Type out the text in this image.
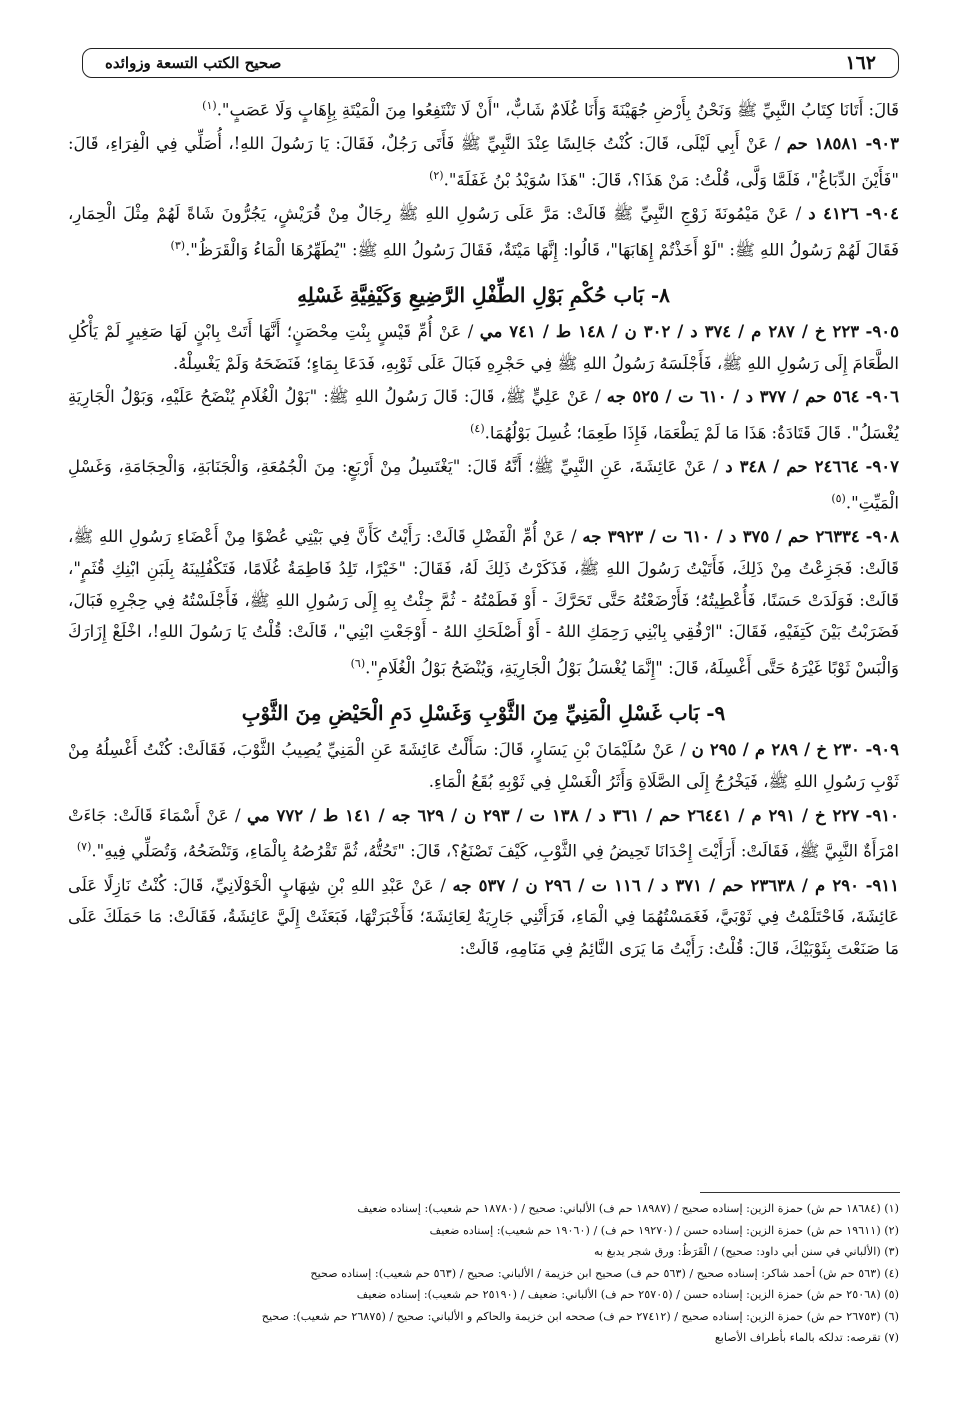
١٦٢
صحيح الكتب التسعة وزوائده

قَالَ: أَتَانَا كِتَابُ النَّبِيِّ ﷺ وَنَحْنُ بِأَرْضِ جُهَيْنَةَ وَأَنَا غُلَامٌ شَابٌّ، "أَنْ لَا تَنْتَفِعُوا مِنَ الْمَيْتَةِ بِإِهَابٍ وَلَا عَصَبٍ".$^{(١)}$

٩٠٣- ١٨٥٨١ حم / عَنْ أَبِي لَيْلَى، قَالَ: كُنْتُ جَالِسًا عِنْدَ النَّبِيِّ ﷺ فَأَتَى رَجُلٌ، فَقَالَ: يَا رَسُولَ اللهِ!، أُصَلِّي فِي الْفِرَاءِ، قَالَ: "فَأَيْنَ الدِّبَاغُ"، فَلَمَّا وَلَّى، قُلْتُ: مَنْ هَذَا؟، قَالَ: "هَذَا سُوَيْدُ بْنُ غَفَلَةَ".$^{(٢)}$

٩٠٤- ٤١٢٦ د / عَنْ مَيْمُونَةَ زَوْجِ النَّبِيِّ ﷺ قَالَتْ: مَرَّ عَلَى رَسُولِ اللهِ ﷺ رِجَالٌ مِنْ قُرَيْشٍ، يَجُرُّونَ شَاةً لَهُمْ مِثْلَ الْحِمَارِ، فَقَالَ لَهُمْ رَسُولُ اللهِ ﷺ: "لَوْ أَخَذْتُمْ إِهَابَهَا"، قَالُوا: إِنَّهَا مَيْتَةٌ، فَقَالَ رَسُولُ اللهِ ﷺ: "يُطَهِّرُهَا الْمَاءُ وَالْقَرَظُ".$^{(٣)}$

٨- بَاب حُكْمِ بَوْلِ الطِّفْلِ الرَّضِيعِ وَكَيْفِيَّةِ غَسْلِهِ

٩٠٥- ٢٢٣ خ / ٢٨٧ م / ٣٧٤ د / ٣٠٢ ن / ١٤٨ ط / ٧٤١ مي / عَنْ أُمِّ قَيْسٍ بِنْتِ مِحْصَنٍ؛ أَنَّهَا أَتَتْ بِابْنٍ لَهَا صَغِيرٍ لَمْ يَأْكُلِ الطَّعَامَ إِلَى رَسُولِ اللهِ ﷺ، فَأَجْلَسَهُ رَسُولُ اللهِ ﷺ فِي حَجْرِهِ فَبَالَ عَلَى ثَوْبِهِ، فَدَعَا بِمَاءٍ؛ فَنَضَحَهُ وَلَمْ يَغْسِلْهُ.

٩٠٦- ٥٦٤ حم / ٣٧٧ د / ٦١٠ ت / ٥٢٥ جه / عَنْ عَلِيٍّ ﷺ، قَالَ: قَالَ رَسُولُ اللهِ ﷺ: "بَوْلُ الْغُلَامِ يُنْضَحُ عَلَيْهِ، وَبَوْلُ الْجَارِيَةِ يُغْسَلُ". قَالَ قَتَادَةُ: هَذَا مَا لَمْ يَطْعَمَا، فَإِذَا طَعِمَا؛ غُسِلَ بَوْلُهُمَا.$^{(٤)}$

٩٠٧- ٢٤٦٦٤ حم / ٣٤٨ د / عَنْ عَائِشَةَ، عَنِ النَّبِيِّ ﷺ؛ أَنَّهُ قَالَ: "يَغْتَسِلُ مِنْ أَرْبَعٍ: مِنَ الْجُمُعَةِ، وَالْجَنَابَةِ، وَالْحِجَامَةِ، وَغَسْلِ الْمَيِّتِ".$^{(٥)}$

٩٠٨- ٢٦٣٣٤ حم / ٣٧٥ د / ٦١٠ ت / ٣٩٢٣ جه / عَنْ أُمِّ الْفَضْلِ قَالَتْ: رَأَيْتُ كَأَنَّ فِي بَيْتِي عُضْوًا مِنْ أَعْضَاءِ رَسُولِ اللهِ ﷺ، قَالَتْ: فَجَزِعْتُ مِنْ ذَلِكَ، فَأَتَيْتُ رَسُولَ اللهِ ﷺ، فَذَكَرْتُ ذَلِكَ لَهُ، فَقَالَ: "خَيْرًا، تَلِدُ فَاطِمَةُ غُلَامًا، فَتَكْفُلِينَهُ بِلَبَنِ ابْنِكِ قُثَمٍ"، قَالَتْ: فَوَلَدَتْ حَسَنًا، فَأُعْطِيتُهُ؛ فَأَرْضَعْتُهُ حَتَّى تَحَرَّكَ - أَوْ فَطَمْتُهُ - ثُمَّ جِئْتُ بِهِ إِلَى رَسُولِ اللهِ ﷺ، فَأَجْلَسْتُهُ فِي حِجْرِهِ فَبَالَ، فَضَرَبْتُ بَيْنَ كَتِفَيْهِ، فَقَالَ: "ارْفُقِي بِابْنِي رَحِمَكِ اللهُ - أَوْ أَصْلَحَكِ اللهُ - أَوْجَعْتِ ابْنِي"، قَالَتْ: قُلْتُ يَا رَسُولَ اللهِ!، اخْلَعْ إِزَارَكَ وَالْبَسْ ثَوْبًا غَيْرَهُ حَتَّى أَغْسِلَهُ، قَالَ: "إِنَّمَا يُغْسَلُ بَوْلُ الْجَارِيَةِ، وَيُنْضَحُ بَوْلُ الْغُلَامِ".$^{(٦)}$

٩- بَاب غَسْلِ الْمَنِيِّ مِنَ الثَّوْبِ وَغَسْلِ دَمِ الْحَيْضِ مِنَ الثَّوْبِ

٩٠٩- ٢٣٠ خ / ٢٨٩ م / ٢٩٥ ن / عَنْ سُلَيْمَانَ بْنِ يَسَارٍ، قَالَ: سَأَلْتُ عَائِشَةَ عَنِ الْمَنِيِّ يُصِيبُ الثَّوْبَ، فَقَالَتْ: كُنْتُ أَغْسِلُهُ مِنْ ثَوْبِ رَسُولِ اللهِ ﷺ، فَيَخْرُجُ إِلَى الصَّلَاةِ وَأَثَرُ الْغَسْلِ فِي ثَوْبِهِ بُقَعُ الْمَاءِ.

٩١٠- ٢٢٧ خ / ٢٩١ م / ٢٦٤٤١ حم / ٣٦١ د / ١٣٨ ت / ٢٩٣ ن / ٦٢٩ جه / ١٤١ ط / ٧٧٢ مي / عَنْ أَسْمَاءَ قَالَتْ: جَاءَتْ امْرَأَةٌ النَّبِيَّ ﷺ، فَقَالَتْ: أَرَأَيْتَ إِحْدَانَا تَحِيضُ فِي الثَّوْبِ، كَيْفَ تَصْنَعُ؟، قَالَ: "تَحُتُّهُ، ثُمَّ تَقْرُصُهُ بِالْمَاءِ، وَتَنْضَحُهُ، وَتُصَلِّي فِيهِ".$^{(٧)}$

٩١١- ٢٩٠ م / ٢٣٦٣٨ حم / ٣٧١ د / ١١٦ ت / ٢٩٦ ن / ٥٣٧ جه / عَنْ عَبْدِ اللهِ بْنِ شِهَابٍ الْخَوْلَانِيِّ، قَالَ: كُنْتُ نَازِلًا عَلَى عَائِشَةَ، فَاحْتَلَمْتُ فِي ثَوْبَيَّ، فَغَمَسْتُهُمَا فِي الْمَاءِ، فَرَأَتْنِي جَارِيَةٌ لِعَائِشَةَ؛ فَأَخْبَرَتْهَا، فَبَعَثَتْ إِلَيَّ عَائِشَةُ، فَقَالَتْ: مَا حَمَلَكَ عَلَى مَا صَنَعْتَ بِثَوْبَيْكَ، قَالَ: قُلْتُ: رَأَيْتُ مَا يَرَى النَّائِمُ فِي مَنَامِهِ، قَالَتْ:

(١) (١٨٦٨٤ حم ش) حمزة الزين: إسناده صحيح / (١٨٩٨٧ حم ف) الألباني: صحيح / (١٨٧٨٠ حم شعيب): إسناده ضعيف
(٢) (١٩٦١١ حم ش) حمزة الزين: إسناده حسن / (١٩٢٧٠ حم ف) / (١٩٠٦٠ حم شعيب): إسناده ضعيف
(٣) (الألباني في سنن أبي داود: صحيح) / الْقَرَظُ: ورق شجر يدبغ به
(٤) (٥٦٣ حم ش) أحمد شاكر: إسناده صحيح / (٥٦٣ حم ف) صحيح ابن خزيمة / الألباني: صحيح / (٥٦٣ حم شعيب): إسناده صحيح
(٥) (٢٥٠٦٨ حم ش) حمزة الزين: إسناده حسن / (٢٥٧٠٥ حم ف) الألباني: ضعيف / (٢٥١٩٠ حم شعيب): إسناده ضعيف
(٦) (٢٦٧٥٣ حم ش) حمزة الزين: إسناده صحيح / (٢٧٤١٢ حم ف) صححه ابن خزيمة والحاكم و الألباني: صحيح / (٢٦٨٧٥ حم شعيب): صحيح
(٧) تقرصه: تدلكه بالماء بأطراف الأصابع
